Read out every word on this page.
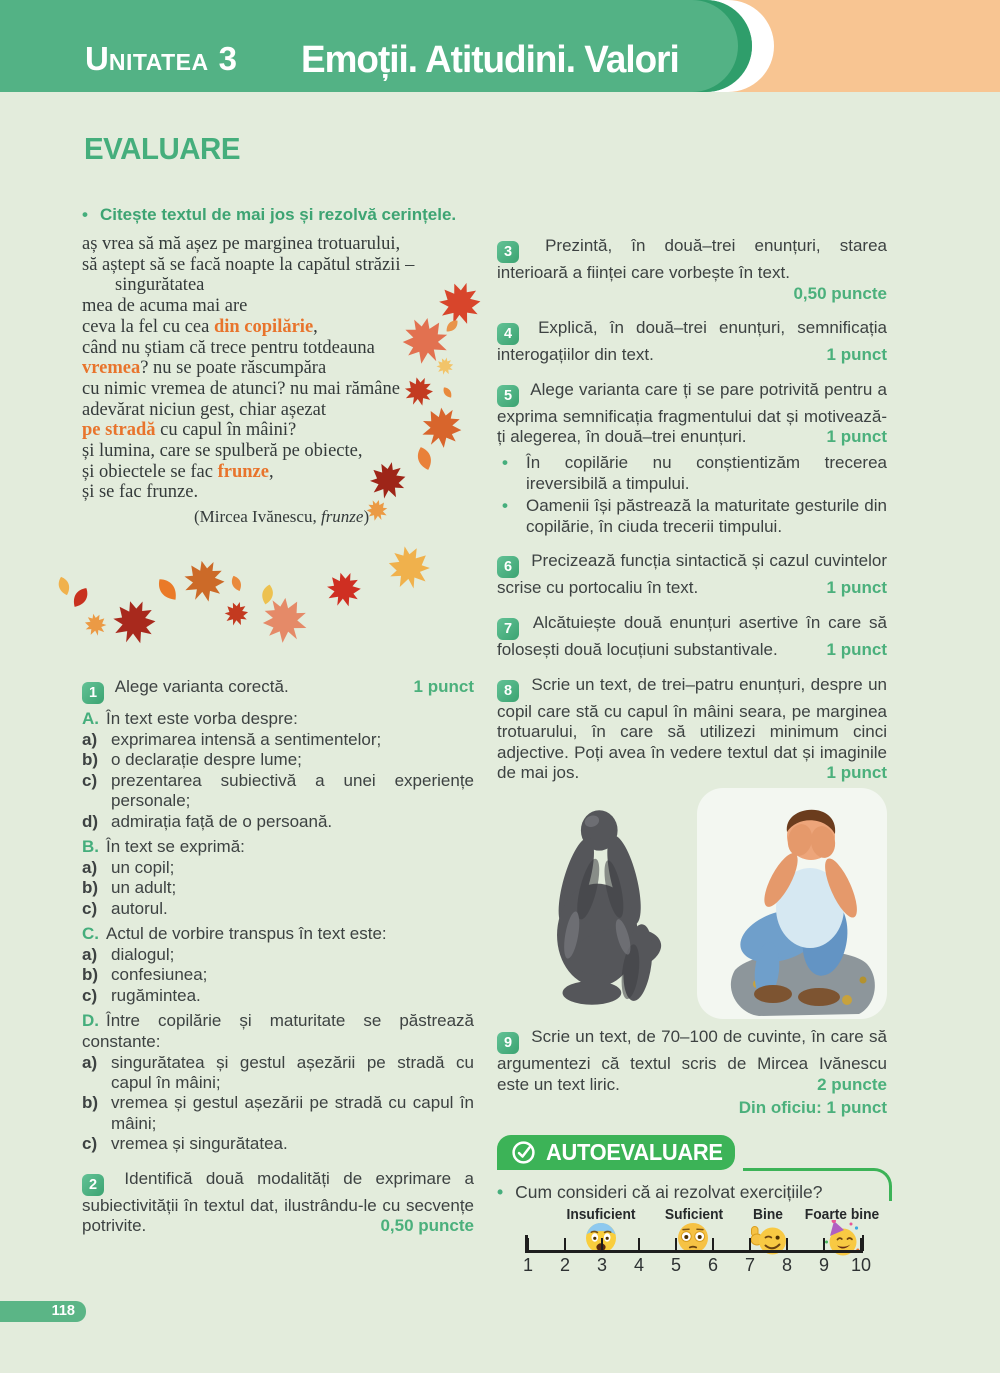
UNITATEA 3 Emoții. Atitudini. Valori
EVALUARE
• Citește textul de mai jos și rezolvă cerințele.
aș vrea să mă așez pe marginea trotuarului,
să aștept să se facă noapte la capătul străzii –
singurătatea
mea de acuma mai are
ceva la fel cu cea din copilărie,
când nu știam că trece pentru totdeauna
vremea? nu se poate răscumpăra
cu nimic vremea de atunci? nu mai rămâne
adevărat niciun gest, chiar așezat
pe stradă cu capul în mâini?
și lumina, care se spulberă pe obiecte,
și obiectele se fac frunze,
și se fac frunze.
(Mircea Ivănescu, frunze)
1 Alege varianta corectă.	1 punct
A. În text este vorba despre:
a) exprimarea intensă a sentimentelor;
b) o declarație despre lume;
c) prezentarea subiectivă a unei experiențe personale;
d) admirația față de o persoană.
B. În text se exprimă:
a) un copil;
b) un adult;
c) autorul.
C. Actul de vorbire transpus în text este:
a) dialogul;
b) confesiunea;
c) rugămintea.
D. Între copilărie și maturitate se păstrează constante:
a) singurătatea și gestul așezării pe stradă cu capul în mâini;
b) vremea și gestul așezării pe stradă cu capul în mâini;
c) vremea și singurătatea.
2 Identifică două modalități de exprimare a subiectivității în textul dat, ilustrându-le cu secvențe potrivite.	0,50 puncte
3 Prezintă, în două–trei enunțuri, starea interioară a ființei care vorbește în text.
0,50 puncte
4 Explică, în două–trei enunțuri, semnificația interogațiilor din text.	1 punct
5 Alege varianta care ți se pare potrivită pentru a exprima semnificația fragmentului dat și motivează-ți alegerea, în două–trei enunțuri.	1 punct
•	În copilărie nu conștientizăm trecerea ireversibilă a timpului.
•	Oamenii își păstrează la maturitate gesturile din copilărie, în ciuda trecerii timpului.
6 Precizează funcția sintactică și cazul cuvintelor scrise cu portocaliu în text.	1 punct
7 Alcătuiește două enunțuri asertive în care să folosești două locuțiuni substantivale.	1 punct
8 Scrie un text, de trei–patru enunțuri, despre un copil care stă cu capul în mâini seara, pe marginea trotuarului, în care să utilizezi minimum cinci adjective. Poți avea în vedere textul dat și imaginile de mai jos.	1 punct
9 Scrie un text, de 70–100 de cuvinte, în care să argumentezi că textul scris de Mircea Ivănescu este un text liric.	2 puncte
Din oficiu: 1 punct
AUTOEVALUARE
• Cum consideri că ai rezolvat exercițiile?
Insuficient Suficient Bine Foarte bine
1 2 3 4 5 6 7 8 9 10
118
